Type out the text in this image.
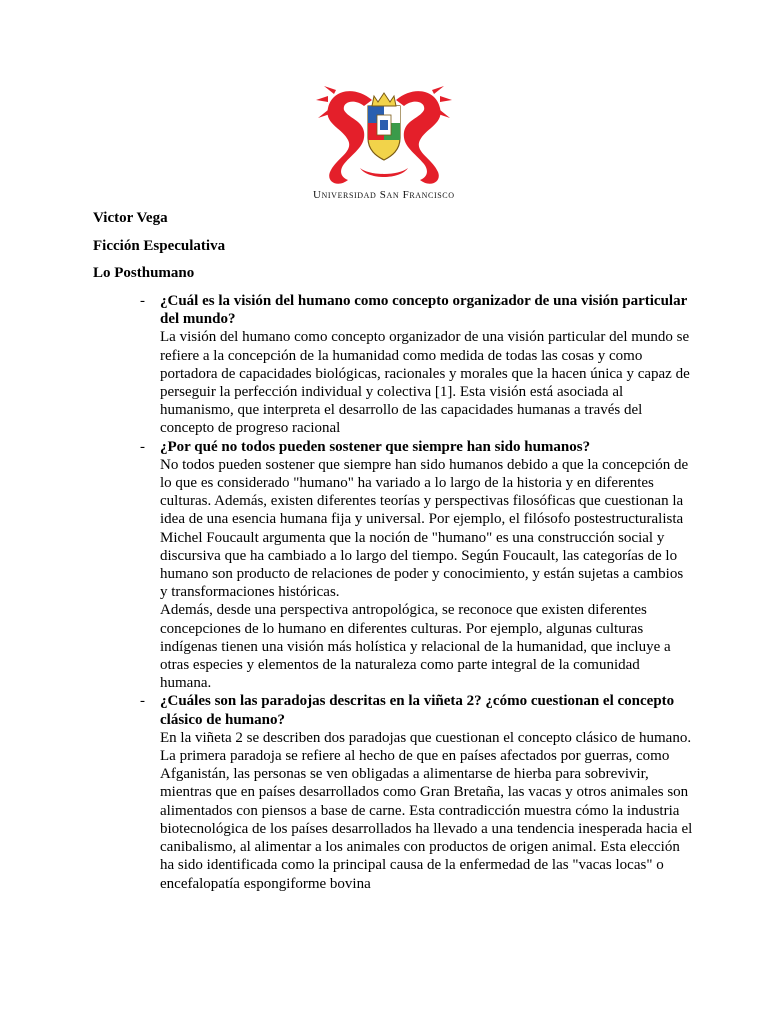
Universidad San Francisco
Victor Vega
Ficción Especulativa
Lo Posthumano
- ¿Cuál es la visión del humano como concepto organizador de una visión particular del mundo?

La visión del humano como concepto organizador de una visión particular del mundo se refiere a la concepción de la humanidad como medida de todas las cosas y como portadora de capacidades biológicas, racionales y morales que la hacen única y capaz de perseguir la perfección individual y colectiva [1]. Esta visión está asociada al humanismo, que interpreta el desarrollo de las capacidades humanas a través del concepto de progreso racional

- ¿Por qué no todos pueden sostener que siempre han sido humanos?

No todos pueden sostener que siempre han sido humanos debido a que la concepción de lo que es considerado "humano" ha variado a lo largo de la historia y en diferentes culturas. Además, existen diferentes teorías y perspectivas filosóficas que cuestionan la idea de una esencia humana fija y universal. Por ejemplo, el filósofo postestructuralista Michel Foucault argumenta que la noción de "humano" es una construcción social y discursiva que ha cambiado a lo largo del tiempo. Según Foucault, las categorías de lo humano son producto de relaciones de poder y conocimiento, y están sujetas a cambios y transformaciones históricas.

Además, desde una perspectiva antropológica, se reconoce que existen diferentes concepciones de lo humano en diferentes culturas. Por ejemplo, algunas culturas indígenas tienen una visión más holística y relacional de la humanidad, que incluye a otras especies y elementos de la naturaleza como parte integral de la comunidad humana.

- ¿Cuáles son las paradojas descritas en la viñeta 2? ¿cómo cuestionan el concepto clásico de humano?

En la viñeta 2 se describen dos paradojas que cuestionan el concepto clásico de humano.

La primera paradoja se refiere al hecho de que en países afectados por guerras, como Afganistán, las personas se ven obligadas a alimentarse de hierba para sobrevivir, mientras que en países desarrollados como Gran Bretaña, las vacas y otros animales son alimentados con piensos a base de carne. Esta contradicción muestra cómo la industria biotecnológica de los países desarrollados ha llevado a una tendencia inesperada hacia el canibalismo, al alimentar a los animales con productos de origen animal. Esta elección ha sido identificada como la principal causa de la enfermedad de las "vacas locas" o encefalopatía espongiforme bovina
